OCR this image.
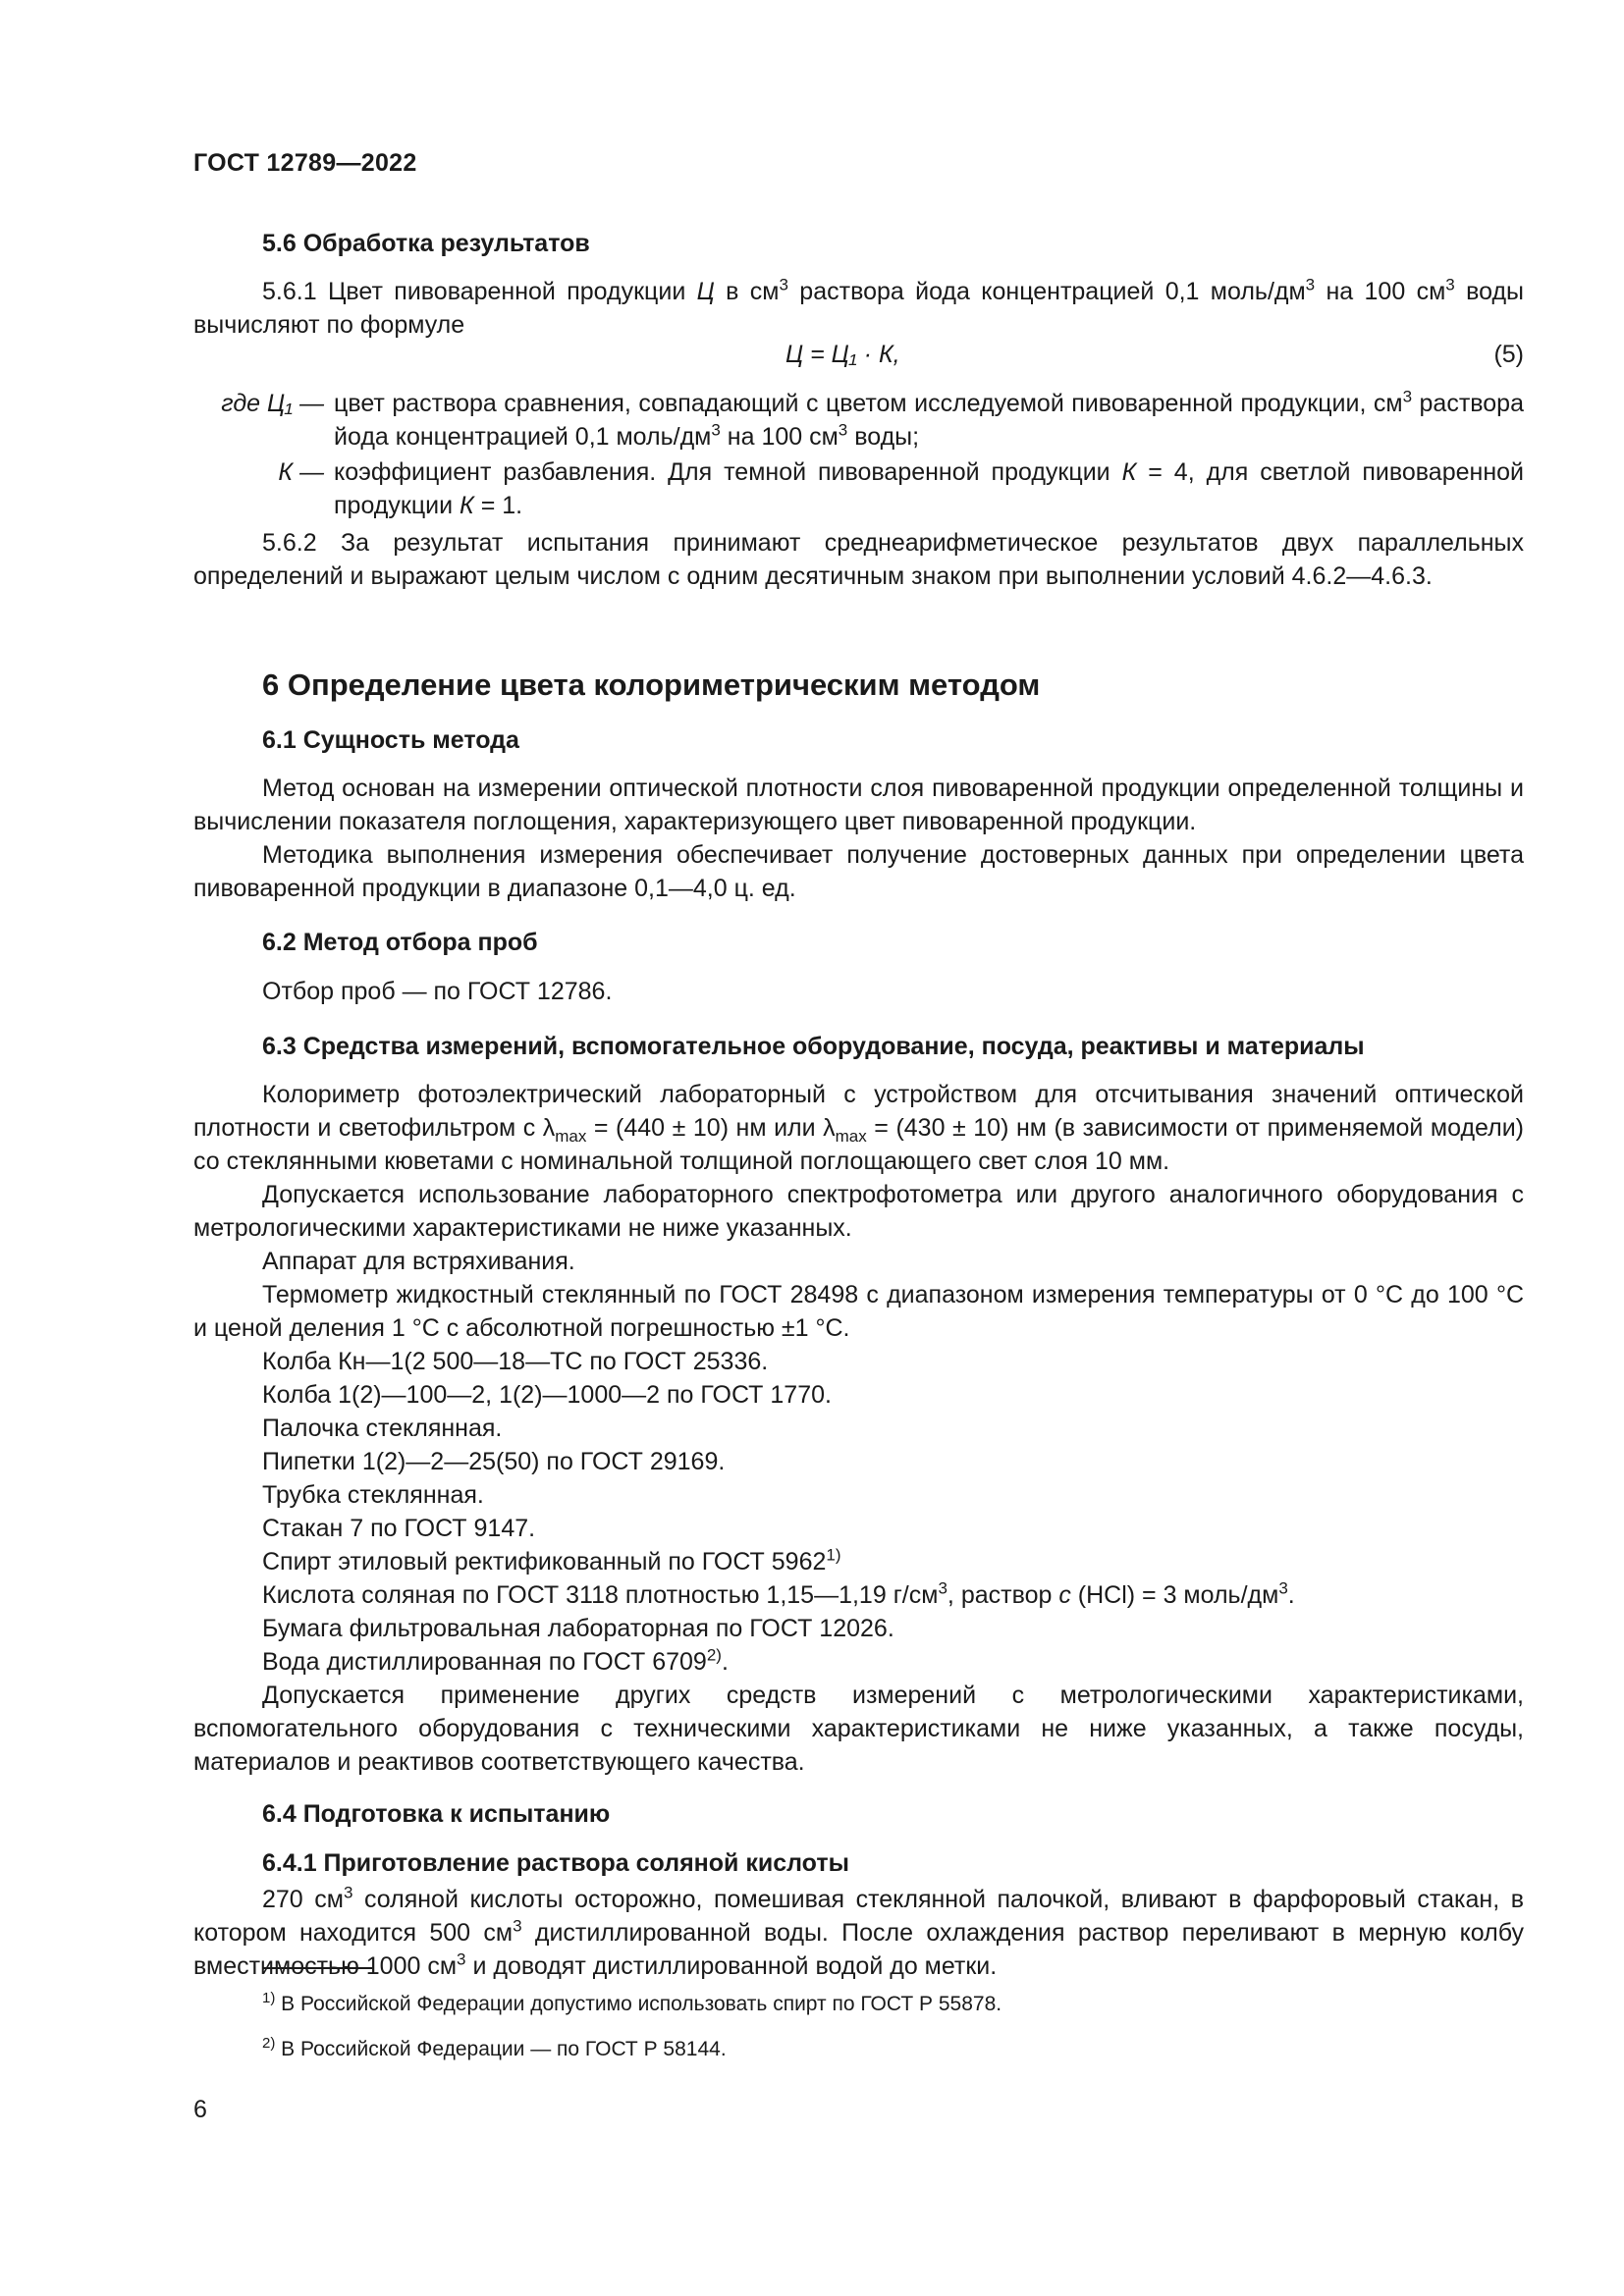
ГОСТ 12789—2022
5.6 Обработка результатов
5.6.1 Цвет пивоваренной продукции Ц в $см^3$ раствора йода концентрацией 0,1 моль/$дм^3$ на 100 $см^3$ воды вычисляют по формуле
Ц = Ц₁ · К,	(5)
где Ц₁ — цвет раствора сравнения, совпадающий с цветом исследуемой пивоваренной продукции, $см^3$ раствора йода концентрацией 0,1 моль/$дм^3$ на 100 $см^3$ воды;
К — коэффициент разбавления. Для темной пивоваренной продукции К = 4, для светлой пивоваренной продукции К = 1.
5.6.2 За результат испытания принимают среднеарифметическое результатов двух параллельных определений и выражают целым числом с одним десятичным знаком при выполнении условий 4.6.2—4.6.3.
6 Определение цвета колориметрическим методом
6.1 Сущность метода
Метод основан на измерении оптической плотности слоя пивоваренной продукции определенной толщины и вычислении показателя поглощения, характеризующего цвет пивоваренной продукции.
Методика выполнения измерения обеспечивает получение достоверных данных при определении цвета пивоваренной продукции в диапазоне 0,1—4,0 ц. ед.
6.2 Метод отбора проб
Отбор проб — по ГОСТ 12786.
6.3 Средства измерений, вспомогательное оборудование, посуда, реактивы и материалы
Колориметр фотоэлектрический лабораторный с устройством для отсчитывания значений оптической плотности и светофильтром с $\lambda_{max} = (440 \pm 10)$ нм или $\lambda_{max} = (430 \pm 10)$ нм (в зависимости от применяемой модели) со стеклянными кюветами с номинальной толщиной поглощающего свет слоя 10 мм.
Допускается использование лабораторного спектрофотометра или другого аналогичного оборудования с метрологическими характеристиками не ниже указанных.
Аппарат для встряхивания.
Термометр жидкостный стеклянный по ГОСТ 28498 с диапазоном измерения температуры от 0 °С до 100 °С и ценой деления 1 °С с абсолютной погрешностью ±1 °С.
Колба Кн—1(2 500—18—ТС по ГОСТ 25336.
Колба 1(2)—100—2, 1(2)—1000—2 по ГОСТ 1770.
Палочка стеклянная.
Пипетки 1(2)—2—25(50) по ГОСТ 29169.
Трубка стеклянная.
Стакан 7 по ГОСТ 9147.
Спирт этиловый ректификованный по ГОСТ 5962$^{1)}$
Кислота соляная по ГОСТ 3118 плотностью 1,15—1,19 $г/см^3$, раствор c (HCl) = 3 моль/$дм^3$.
Бумага фильтровальная лабораторная по ГОСТ 12026.
Вода дистиллированная по ГОСТ 6709$^{2)}$.
Допускается применение других средств измерений с метрологическими характеристиками, вспомогательного оборудования с техническими характеристиками не ниже указанных, а также посуды, материалов и реактивов соответствующего качества.
6.4 Подготовка к испытанию
6.4.1 Приготовление раствора соляной кислоты
270 $см^3$ соляной кислоты осторожно, помешивая стеклянной палочкой, вливают в фарфоровый стакан, в котором находится 500 $см^3$ дистиллированной воды. После охлаждения раствор переливают в мерную колбу вместимостью 1000 $см^3$ и доводят дистиллированной водой до метки.
$^{1)}$ В Российской Федерации допустимо использовать спирт по ГОСТ Р 55878.
$^{2)}$ В Российской Федерации — по ГОСТ Р 58144.
6
